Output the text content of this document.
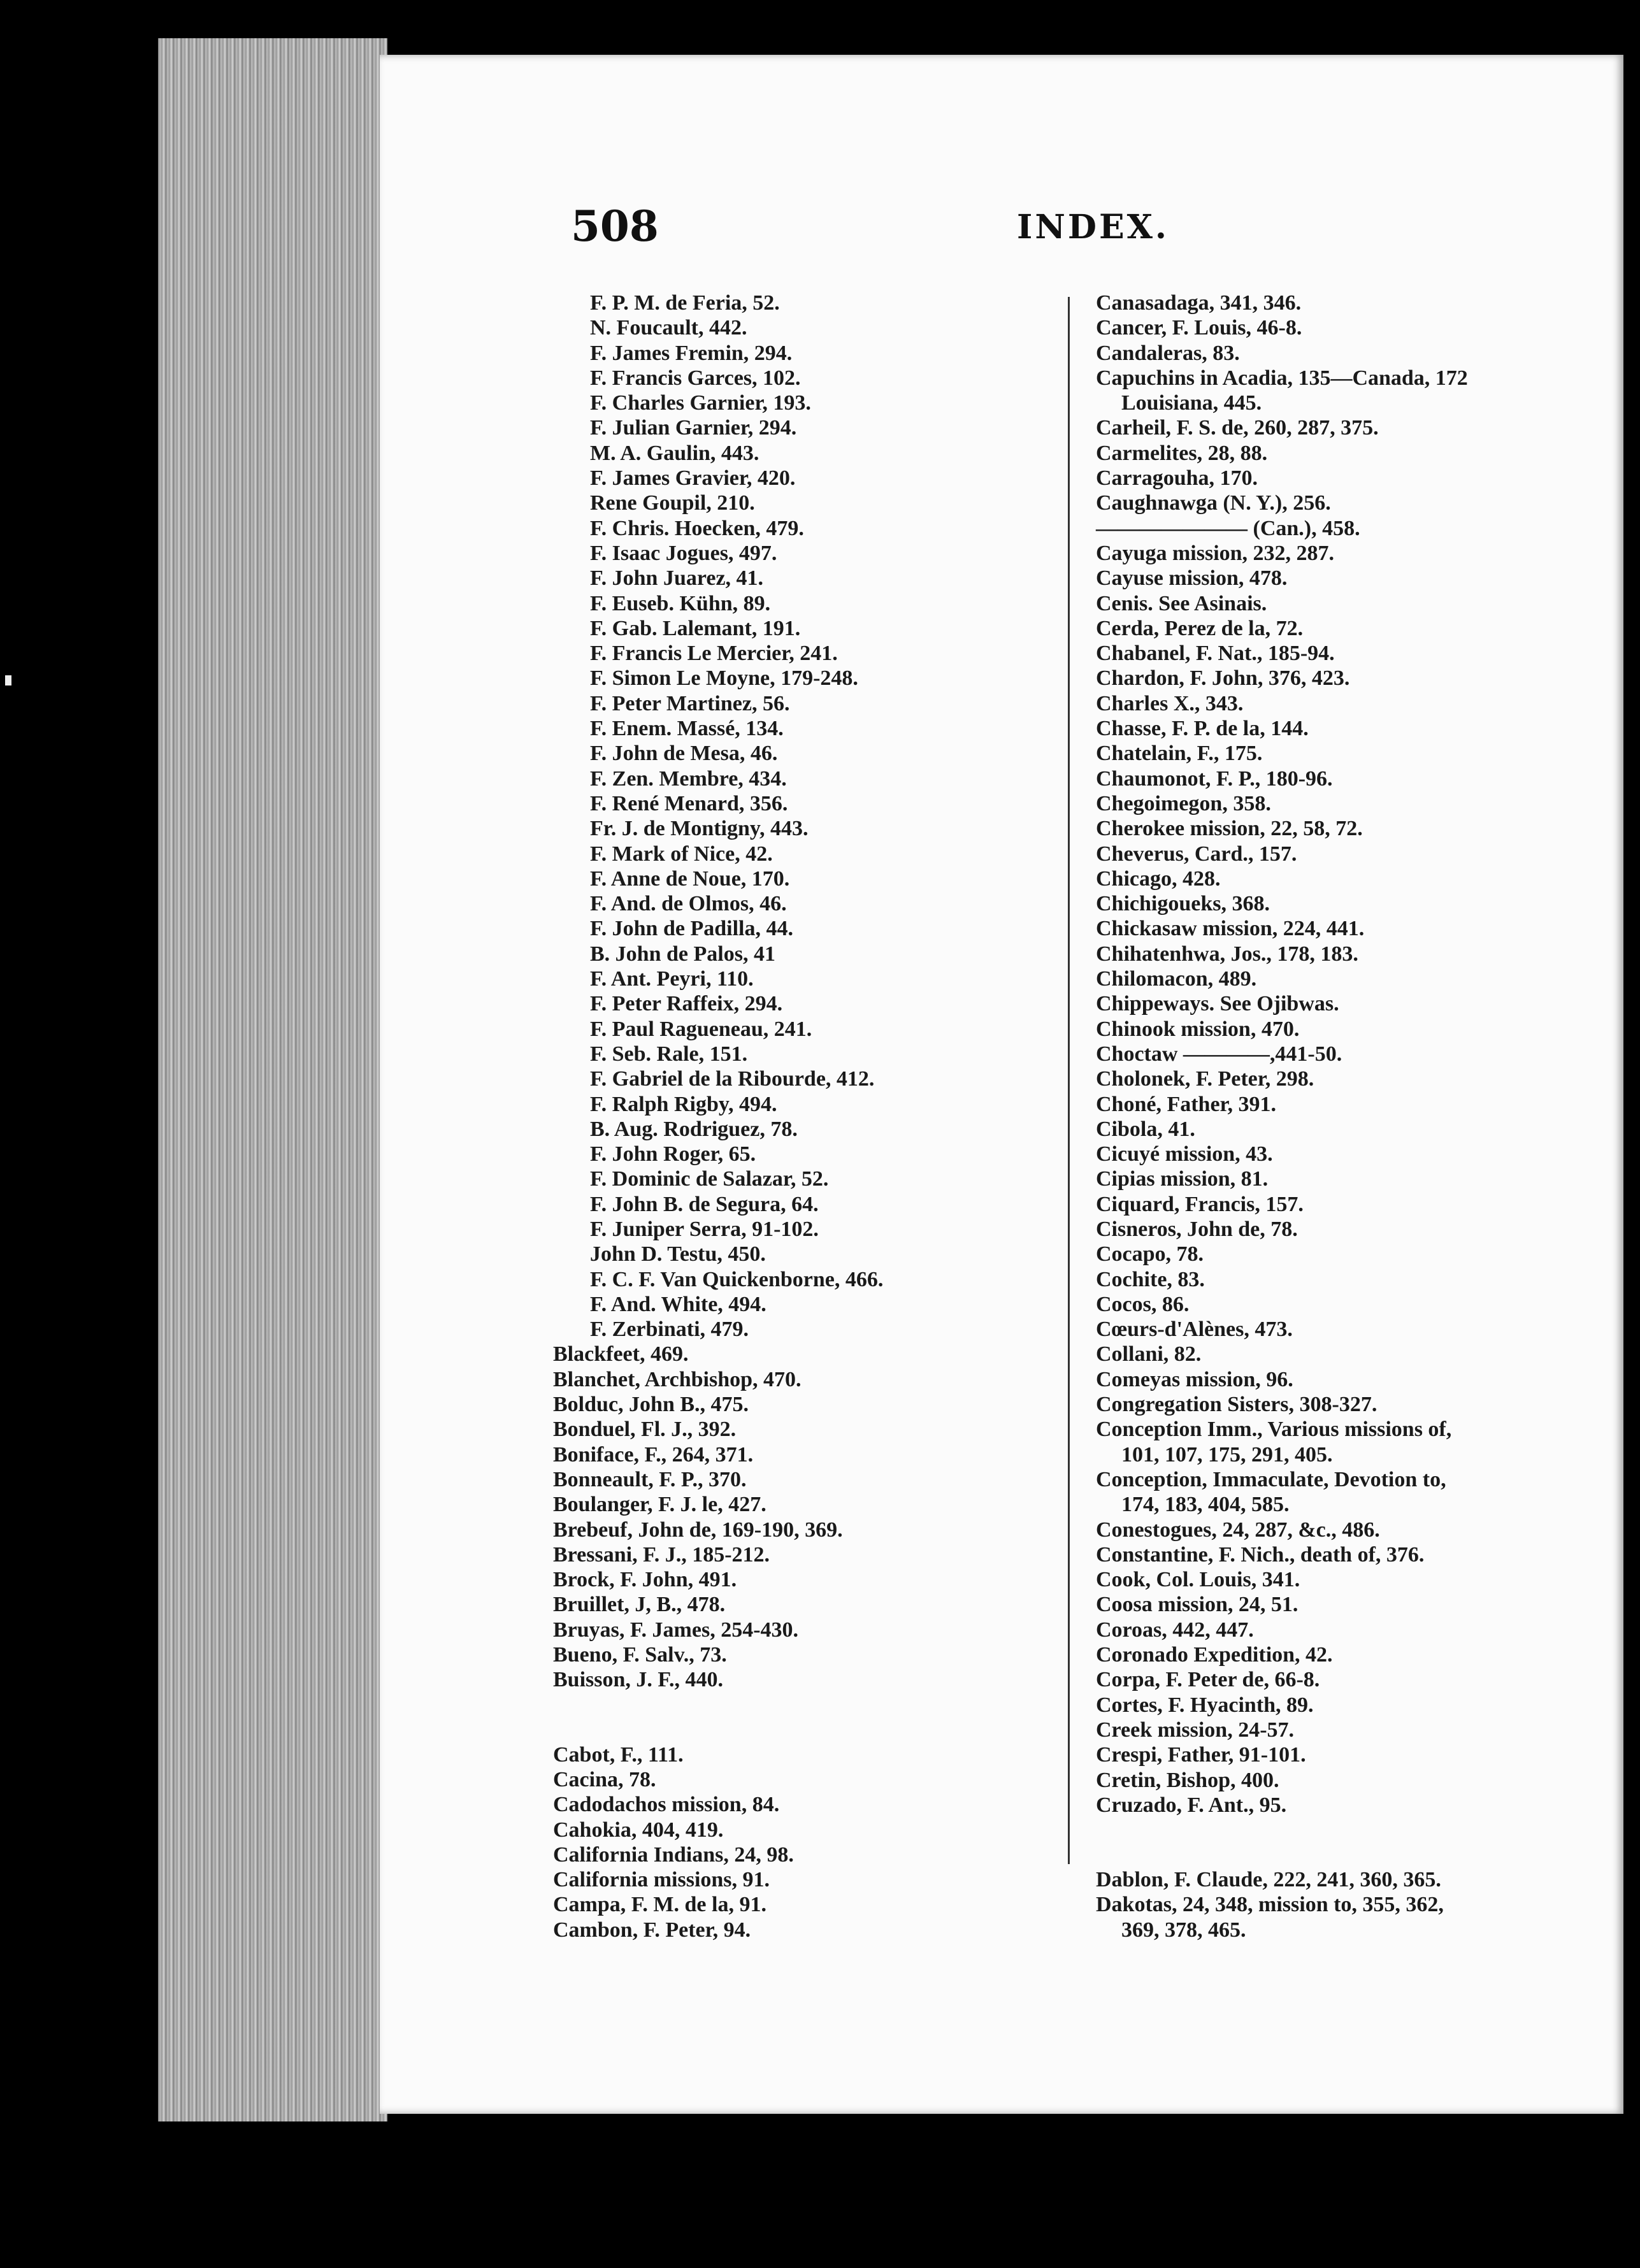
508	INDEX.
F. P. M. de Feria, 52.
N. Foucault, 442.
F. James Fremin, 294.
F. Francis Garces, 102.
F. Charles Garnier, 193.
F. Julian Garnier, 294.
M. A. Gaulin, 443.
F. James Gravier, 420.
Rene Goupil, 210.
F. Chris. Hoecken, 479.
F. Isaac Jogues, 497.
F. John Juarez, 41.
F. Euseb. Kühn, 89.
F. Gab. Lalemant, 191.
F. Francis Le Mercier, 241.
F. Simon Le Moyne, 179-248.
F. Peter Martinez, 56.
F. Enem. Massé, 134.
F. John de Mesa, 46.
F. Zen. Membre, 434.
F. René Menard, 356.
Fr. J. de Montigny, 443.
F. Mark of Nice, 42.
F. Anne de Noue, 170.
F. And. de Olmos, 46.
F. John de Padilla, 44.
B. John de Palos, 41
F. Ant. Peyri, 110.
F. Peter Raffeix, 294.
F. Paul Ragueneau, 241.
F. Seb. Rale, 151.
F. Gabriel de la Ribourde, 412.
F. Ralph Rigby, 494.
B. Aug. Rodriguez, 78.
F. John Roger, 65.
F. Dominic de Salazar, 52.
F. John B. de Segura, 64.
F. Juniper Serra, 91-102.
John D. Testu, 450.
F. C. F. Van Quickenborne, 466.
F. And. White, 494.
F. Zerbinati, 479.
Blackfeet, 469.
Blanchet, Archbishop, 470.
Bolduc, John B., 475.
Bonduel, Fl. J., 392.
Boniface, F., 264, 371.
Bonneault, F. P., 370.
Boulanger, F. J. le, 427.
Brebeuf, John de, 169-190, 369.
Bressani, F. J., 185-212.
Brock, F. John, 491.
Bruillet, J, B., 478.
Bruyas, F. James, 254-430.
Bueno, F. Salv., 73.
Buisson, J. F., 440.
Cabot, F., 111.
Cacina, 78.
Cadodachos mission, 84.
Cahokia, 404, 419.
California Indians, 24, 98.
California missions, 91.
Campa, F. M. de la, 91.
Cambon, F. Peter, 94.
Canasadaga, 341, 346.
Cancer, F. Louis, 46-8.
Candaleras, 83.
Capuchins in Acadia, 135—Canada, 172
Louisiana, 445.
Carheil, F. S. de, 260, 287, 375.
Carmelites, 28, 88.
Carragouha, 170.
Caughnawga (N. Y.), 256.
——————— (Can.), 458.
Cayuga mission, 232, 287.
Cayuse mission, 478.
Cenis. See Asinais.
Cerda, Perez de la, 72.
Chabanel, F. Nat., 185-94.
Chardon, F. John, 376, 423.
Charles X., 343.
Chasse, F. P. de la, 144.
Chatelain, F., 175.
Chaumonot, F. P., 180-96.
Chegoimegon, 358.
Cherokee mission, 22, 58, 72.
Cheverus, Card., 157.
Chicago, 428.
Chichigoueks, 368.
Chickasaw mission, 224, 441.
Chihatenhwa, Jos., 178, 183.
Chilomacon, 489.
Chippeways. See Ojibwas.
Chinook mission, 470.
Choctaw ————,441-50.
Cholonek, F. Peter, 298.
Choné, Father, 391.
Cibola, 41.
Cicuyé mission, 43.
Cipias mission, 81.
Ciquard, Francis, 157.
Cisneros, John de, 78.
Cocapo, 78.
Cochite, 83.
Cocos, 86.
Cœurs-d'Alènes, 473.
Collani, 82.
Comeyas mission, 96.
Congregation Sisters, 308-327.
Conception Imm., Various missions of,
101, 107, 175, 291, 405.
Conception, Immaculate, Devotion to,
174, 183, 404, 585.
Conestogues, 24, 287, &c., 486.
Constantine, F. Nich., death of, 376.
Cook, Col. Louis, 341.
Coosa mission, 24, 51.
Coroas, 442, 447.
Coronado Expedition, 42.
Corpa, F. Peter de, 66-8.
Cortes, F. Hyacinth, 89.
Creek mission, 24-57.
Crespi, Father, 91-101.
Cretin, Bishop, 400.
Cruzado, F. Ant., 95.
Dablon, F. Claude, 222, 241, 360, 365.
Dakotas, 24, 348, mission to, 355, 362,
369, 378, 465.
